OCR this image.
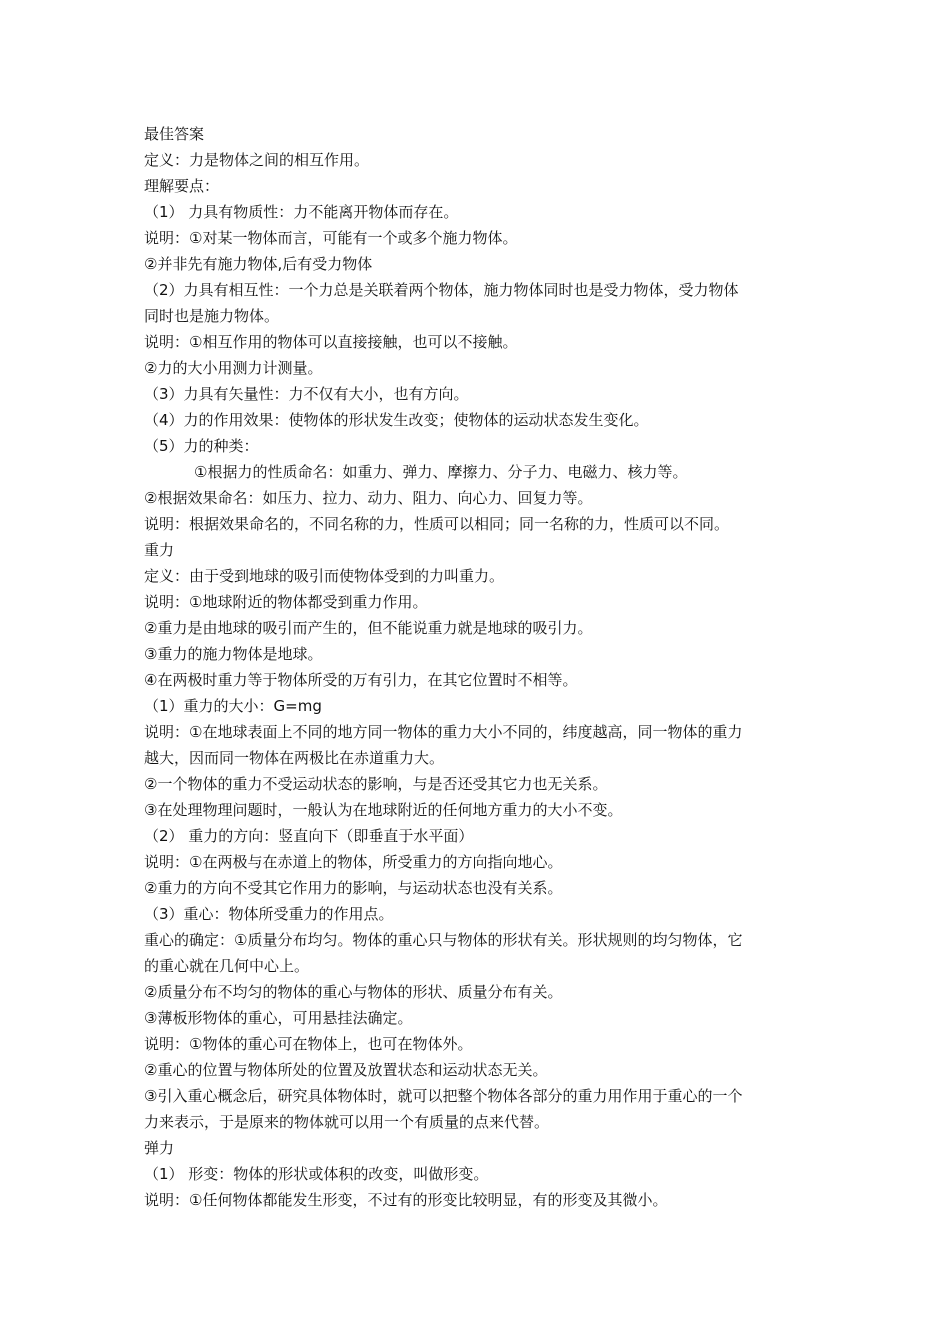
最佳答案

定义：力是物体之间的相互作用。

理解要点：

（1） 力具有物质性：力不能离开物体而存在。

说明：①对某一物体而言，可能有一个或多个施力物体。

②并非先有施力物体,后有受力物体

（2）力具有相互性：一个力总是关联着两个物体，施力物体同时也是受力物体，受力物体

同时也是施力物体。

说明：①相互作用的物体可以直接接触，也可以不接触。

②力的大小用测力计测量。

（3）力具有矢量性：力不仅有大小，也有方向。

（4）力的作用效果：使物体的形状发生改变；使物体的运动状态发生变化。

（5）力的种类：

①根据力的性质命名：如重力、弹力、摩擦力、分子力、电磁力、核力等。

②根据效果命名：如压力、拉力、动力、阻力、向心力、回复力等。

说明：根据效果命名的，不同名称的力，性质可以相同；同一名称的力，性质可以不同。

重力

定义：由于受到地球的吸引而使物体受到的力叫重力。

说明：①地球附近的物体都受到重力作用。

②重力是由地球的吸引而产生的，但不能说重力就是地球的吸引力。

③重力的施力物体是地球。

④在两极时重力等于物体所受的万有引力，在其它位置时不相等。

（1）重力的大小：G=mg

说明：①在地球表面上不同的地方同一物体的重力大小不同的，纬度越高，同一物体的重力

越大，因而同一物体在两极比在赤道重力大。

②一个物体的重力不受运动状态的影响，与是否还受其它力也无关系。

③在处理物理问题时，一般认为在地球附近的任何地方重力的大小不变。

（2） 重力的方向：竖直向下（即垂直于水平面）

说明：①在两极与在赤道上的物体，所受重力的方向指向地心。

②重力的方向不受其它作用力的影响，与运动状态也没有关系。

（3）重心：物体所受重力的作用点。

重心的确定：①质量分布均匀。物体的重心只与物体的形状有关。形状规则的均匀物体，它

的重心就在几何中心上。

②质量分布不均匀的物体的重心与物体的形状、质量分布有关。

③薄板形物体的重心，可用悬挂法确定。

说明：①物体的重心可在物体上，也可在物体外。

②重心的位置与物体所处的位置及放置状态和运动状态无关。

③引入重心概念后，研究具体物体时，就可以把整个物体各部分的重力用作用于重心的一个

力来表示，于是原来的物体就可以用一个有质量的点来代替。

弹力

（1） 形变：物体的形状或体积的改变，叫做形变。

说明：①任何物体都能发生形变，不过有的形变比较明显，有的形变及其微小。
